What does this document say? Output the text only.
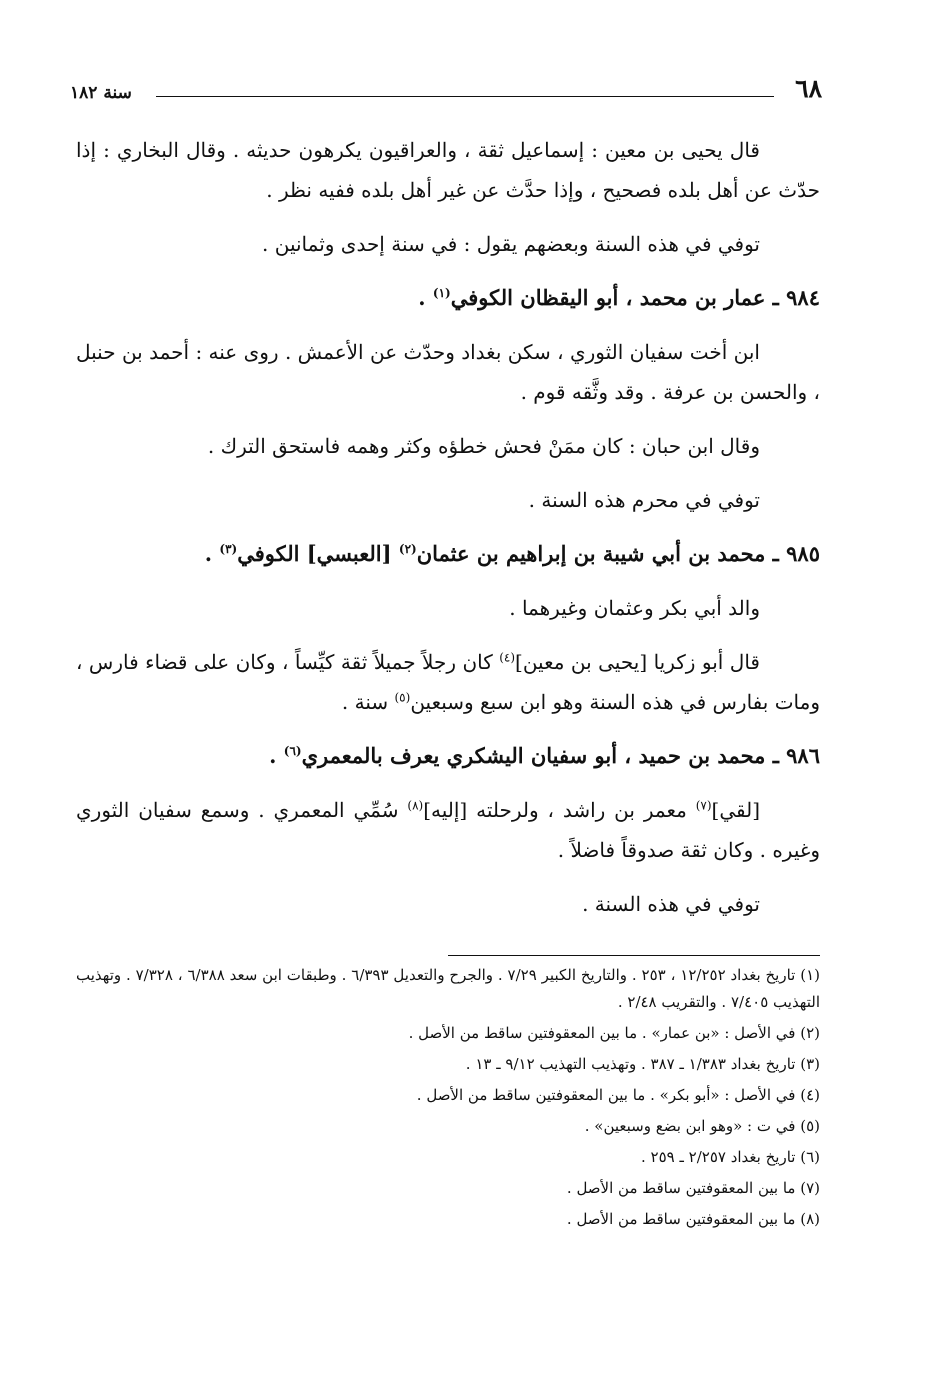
٦٨
سنة ١٨٢

قال يحيى بن معين : إسماعيل ثقة ، والعراقيون يكرهون حديثه . وقال البخاري : إذا حدّث عن أهل بلده فصحيح ، وإذا حدَّث عن غير أهل بلده ففيه نظر .

توفي في هذه السنة وبعضهم يقول : في سنة إحدى وثمانين .

٩٨٤ ـ عمار بن محمد ، أبو اليقظان الكوفي$^{(١)}$ .

ابن أخت سفيان الثوري ، سكن بغداد وحدّث عن الأعمش . روى عنه : أحمد بن حنبل ، والحسن بن عرفة . وقد وثَّقه قوم .

وقال ابن حبان : كان ممَنْ فحش خطؤه وكثر وهمه فاستحق الترك .

توفي في محرم هذه السنة .

٩٨٥ ـ محمد بن أبي شيبة بن إبراهيم بن عثمان$^{(٢)}$ [العبسي] الكوفي$^{(٣)}$ .

والد أبي بكر وعثمان وغيرهما .

قال أبو زكريا [يحيى بن معين]$^{(٤)}$ كان رجلاً جميلاً ثقة كيِّساً ، وكان على قضاء فارس ، ومات بفارس في هذه السنة وهو ابن سبع وسبعين$^{(٥)}$ سنة .

٩٨٦ ـ محمد بن حميد ، أبو سفيان اليشكري يعرف بالمعمري$^{(٦)}$ .

[لقي]$^{(٧)}$ معمر بن راشد ، ولرحلته [إليه]$^{(٨)}$ سُمِّي المعمري . وسمع سفيان الثوري وغيره . وكان ثقة صدوقاً فاضلاً .

توفي في هذه السنة .

(١) تاريخ بغداد ١٢/٢٥٢ ، ٢٥٣ . والتاريخ الكبير ٧/٢٩ . والجرح والتعديل ٦/٣٩٣ . وطبقات ابن سعد ٦/٣٨٨ ، ٧/٣٢٨ . وتهذيب التهذيب ٧/٤٠٥ . والتقريب ٢/٤٨ .

(٢) في الأصل : «بن عمار» . ما بين المعقوفتين ساقط من الأصل .

(٣) تاريخ بغداد ١/٣٨٣ ـ ٣٨٧ . وتهذيب التهذيب ٩/١٢ ـ ١٣ .

(٤) في الأصل : «أبو بكر» . ما بين المعقوفتين ساقط من الأصل .

(٥) في ت : «وهو ابن بضع وسبعين» .

(٦) تاريخ بغداد ٢/٢٥٧ ـ ٢٥٩ .

(٧) ما بين المعقوفتين ساقط من الأصل .

(٨) ما بين المعقوفتين ساقط من الأصل .
